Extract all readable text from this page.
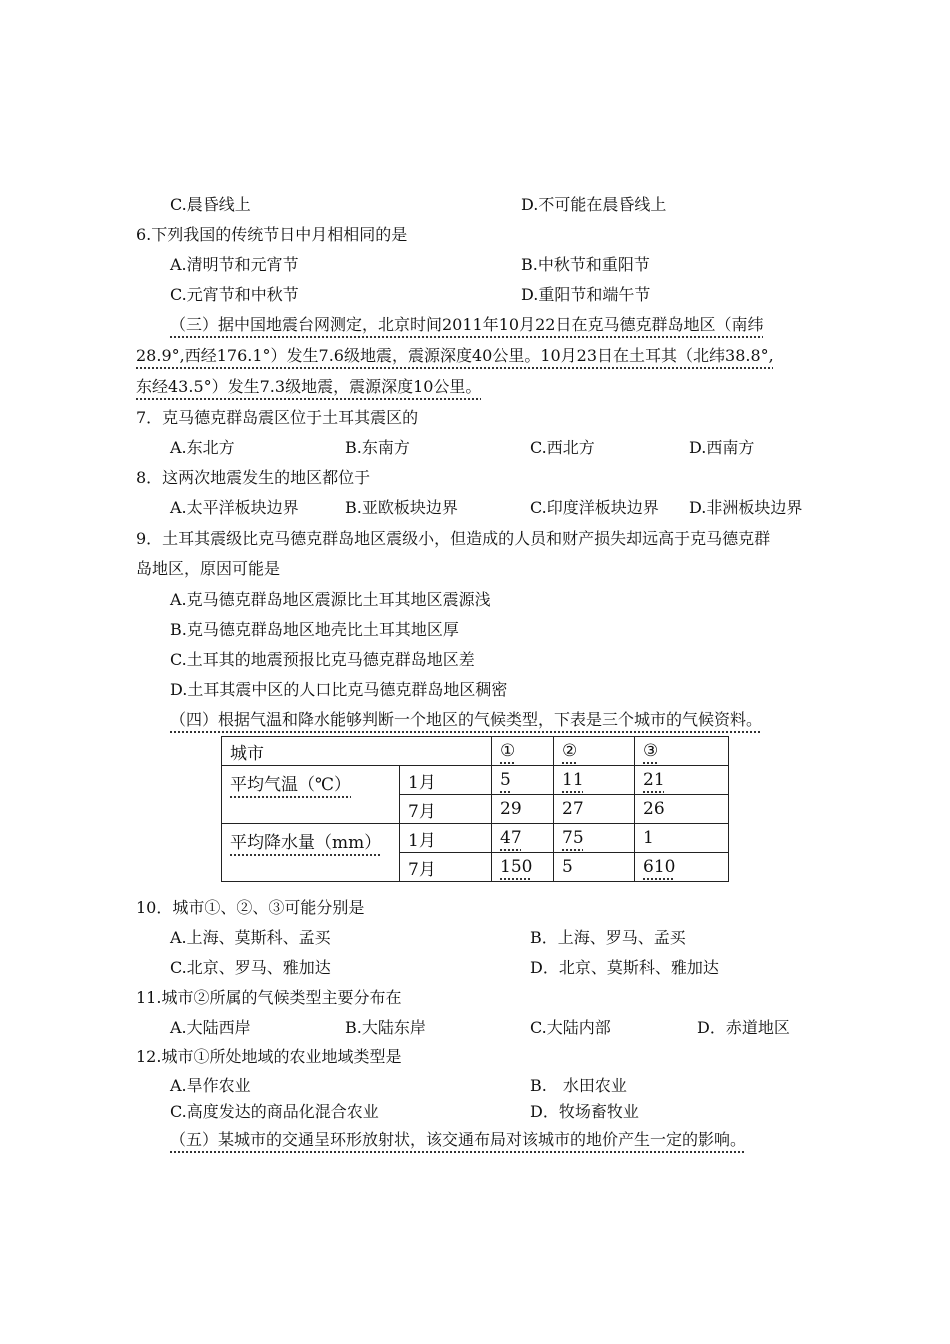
C.晨昏线上	D.不可能在晨昏线上
6.下列我国的传统节日中月相相同的是
A.清明节和元宵节	B.中秋节和重阳节
C.元宵节和中秋节	D.重阳节和端午节
（三）据中国地震台网测定，北京时间2011年10月22日在克马德克群岛地区（南纬
28.9°,西经176.1°）发生7.6级地震，震源深度40公里。10月23日在土耳其（北纬38.8°,
东经43.5°）发生7.3级地震，震源深度10公里。
7．克马德克群岛震区位于土耳其震区的
A.东北方	B.东南方	C.西北方	D.西南方
8．这两次地震发生的地区都位于
A.太平洋板块边界	B.亚欧板块边界	C.印度洋板块边界 D.非洲板块边界
9．土耳其震级比克马德克群岛地区震级小，但造成的人员和财产损失却远高于克马德克群
岛地区，原因可能是
A.克马德克群岛地区震源比土耳其地区震源浅
B.克马德克群岛地区地壳比土耳其地区厚
C.土耳其的地震预报比克马德克群岛地区差
D.土耳其震中区的人口比克马德克群岛地区稠密
（四）根据气温和降水能够判断一个地区的气候类型，下表是三个城市的气候资料。
城市		①	②	③
平均气温（℃）	1月	5	11	21
	7月	29	27	26
平均降水量（mm）	1月	47	75	1
	7月	150	5	610
10．城市①、②、③可能分别是
A.上海、莫斯科、孟买	B．上海、罗马、孟买
C.北京、罗马、雅加达	D．北京、莫斯科、雅加达
11.城市②所属的气候类型主要分布在
A.大陆西岸	B.大陆东岸	C.大陆内部	D．赤道地区
12.城市①所处地域的农业地域类型是
A.旱作农业	B.　水田农业
C.高度发达的商品化混合农业	D．牧场畜牧业
（五）某城市的交通呈环形放射状，该交通布局对该城市的地价产生一定的影响。
